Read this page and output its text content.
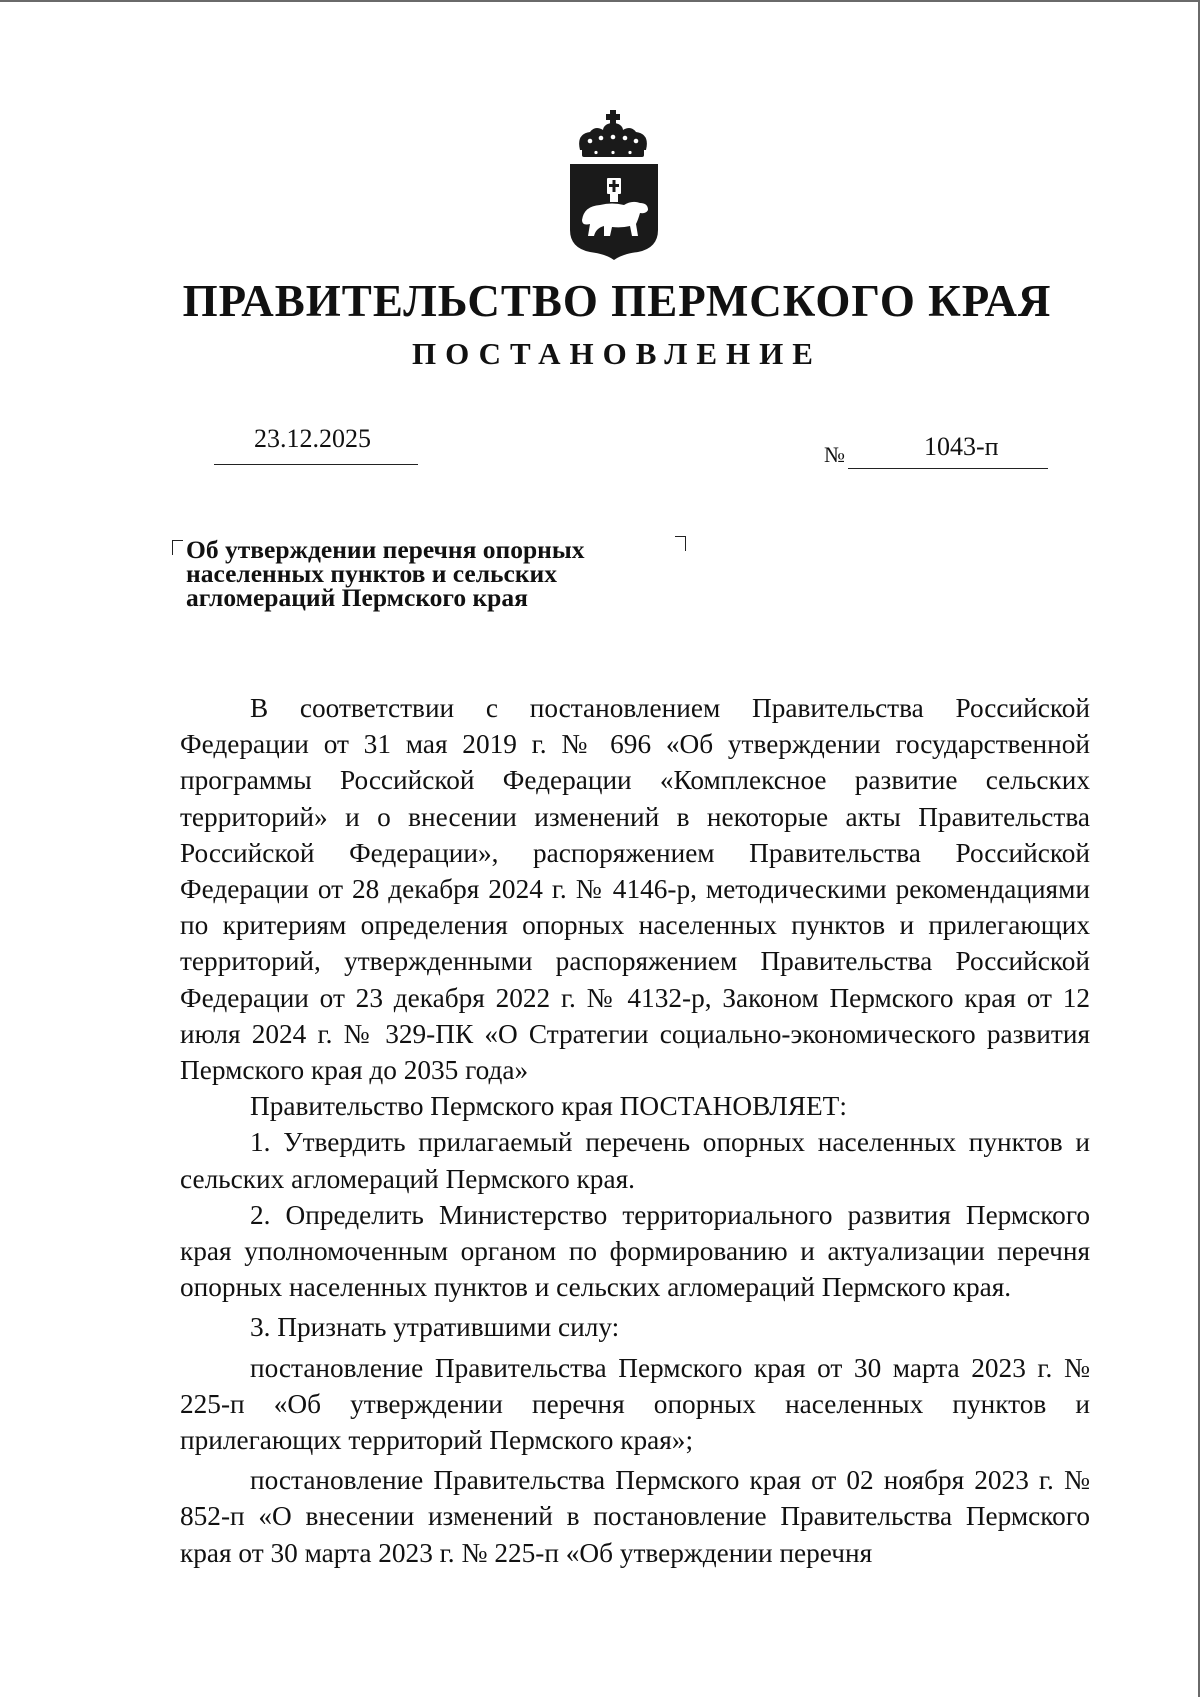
ПРАВИТЕЛЬСТВО ПЕРМСКОГО КРАЯ
ПОСТАНОВЛЕНИЕ
23.12.2025
№	1043-п
Об утверждении перечня опорных
населенных пунктов и сельских
агломераций Пермского края

В соответствии с постановлением Правительства Российской Федерации от 31 мая 2019 г. № 696 «Об утверждении государственной программы Российской Федерации «Комплексное развитие сельских территорий» и о внесении изменений в некоторые акты Правительства Российской Федерации», распоряжением Правительства Российской Федерации от 28 декабря 2024 г. № 4146-р, методическими рекомендациями по критериям определения опорных населенных пунктов и прилегающих территорий, утвержденными распоряжением Правительства Российской Федерации от 23 декабря 2022 г. № 4132-р, Законом Пермского края от 12 июля 2024 г. № 329-ПК «О Стратегии социально-экономического развития Пермского края до 2035 года»

Правительство Пермского края ПОСТАНОВЛЯЕТ:

1. Утвердить прилагаемый перечень опорных населенных пунктов и сельских агломераций Пермского края.

2. Определить Министерство территориального развития Пермского края уполномоченным органом по формированию и актуализации перечня опорных населенных пунктов и сельских агломераций Пермского края.

3. Признать утратившими силу:

постановление Правительства Пермского края от 30 марта 2023 г. № 225-п «Об утверждении перечня опорных населенных пунктов и прилегающих территорий Пермского края»;

постановление Правительства Пермского края от 02 ноября 2023 г. № 852-п «О внесении изменений в постановление Правительства Пермского края от 30 марта 2023 г. № 225-п «Об утверждении перечня
